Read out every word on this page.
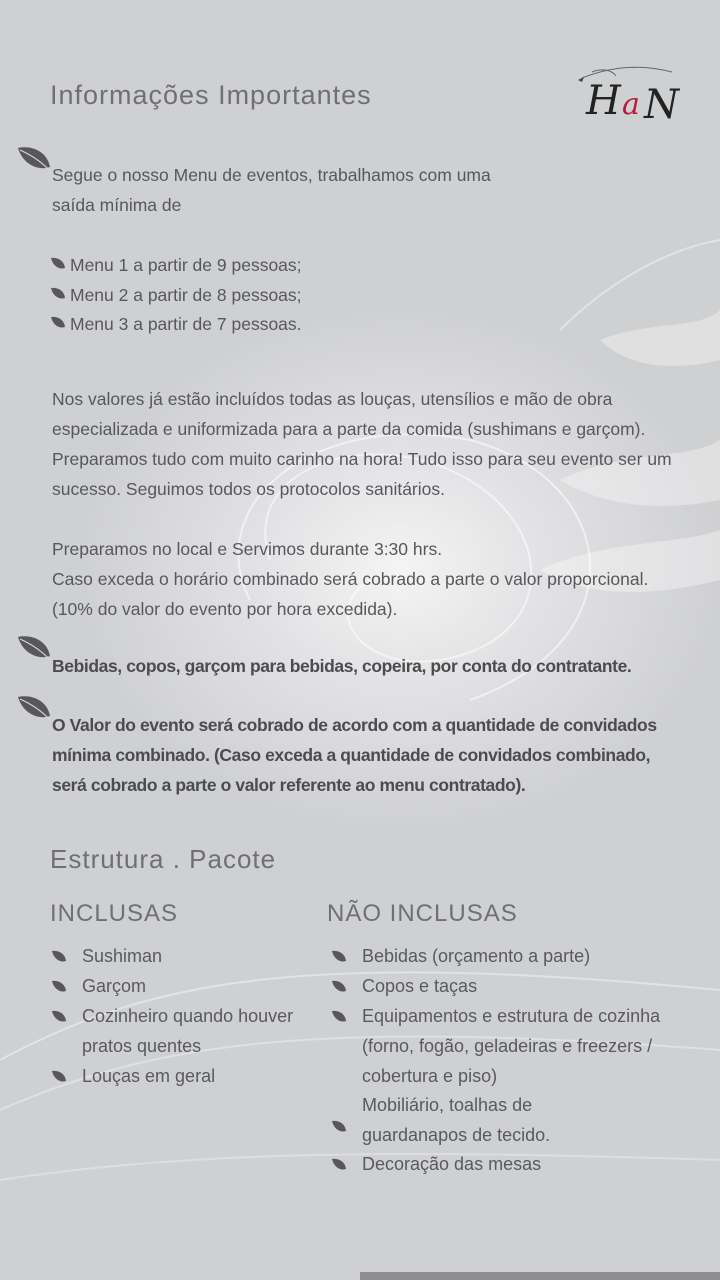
H a N
Informações Importantes

Segue o nosso Menu de eventos, trabalhamos com uma saída mínima de

Menu 1 a partir de 9 pessoas;
Menu 2 a partir de 8 pessoas;
Menu 3 a partir de 7 pessoas.

Nos valores já estão incluídos todas as louças, utensílios e mão de obra especializada e uniformizada para a parte da comida (sushimans e garçom). Preparamos tudo com muito carinho na hora! Tudo isso para seu evento ser um sucesso. Seguimos todos os protocolos sanitários.

Preparamos no local e Servimos durante 3:30 hrs.

Caso exceda o horário combinado será cobrado a parte o valor proporcional. (10% do valor do evento por hora excedida).

Bebidas, copos, garçom para bebidas, copeira, por conta do contratante.

O Valor do evento será cobrado de acordo com a quantidade de convidados mínima combinado. (Caso exceda a quantidade de convidados combinado, será cobrado a parte o valor referente ao menu contratado).

Estrutura . Pacote
INCLUSAS
Sushiman
Garçom
Cozinheiro quando houver pratos quentes
Louças em geral
NÃO INCLUSAS
Bebidas (orçamento a parte)
Copos e taças
Equipamentos e estrutura de cozinha (forno, fogão, geladeiras e freezers / cobertura e piso)
Mobiliário, toalhas de guardanapos de tecido.
Decoração das mesas
